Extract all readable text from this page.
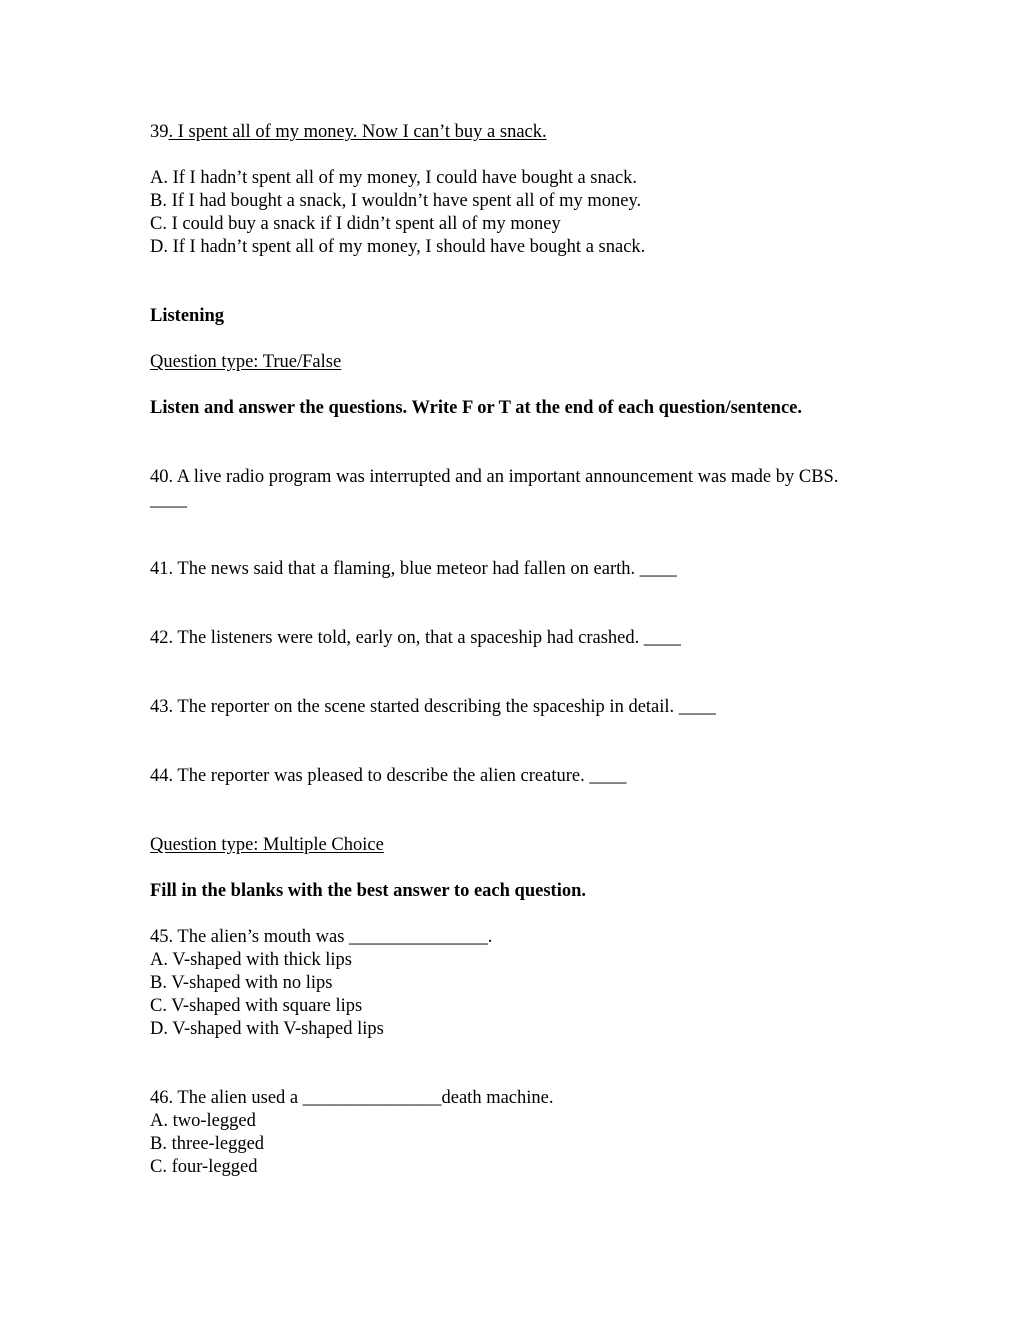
39. I spent all of my money. Now I can’t buy a snack.

A. If I hadn’t spent all of my money, I could have bought a snack.

B. If I had bought a snack, I wouldn’t have spent all of my money.

C. I could buy a snack if I didn’t spent all of my money

D. If I hadn’t spent all of my money, I should have bought a snack.

Listening

Question type: True/False

Listen and answer the questions. Write F or T at the end of each question/sentence.

40. A live radio program was interrupted and an important announcement was made by CBS. ____

41. The news said that a flaming, blue meteor had fallen on earth. ____

42. The listeners were told, early on, that a spaceship had crashed. ____

43. The reporter on the scene started describing the spaceship in detail. ____

44. The reporter was pleased to describe the alien creature. ____

Question type: Multiple Choice

Fill in the blanks with the best answer to each question.

45. The alien’s mouth was _______________.

A. V-shaped with thick lips

B. V-shaped with no lips

C. V-shaped with square lips

D. V-shaped with V-shaped lips

46. The alien used a _______________death machine.

A. two-legged

B. three-legged

C. four-legged
